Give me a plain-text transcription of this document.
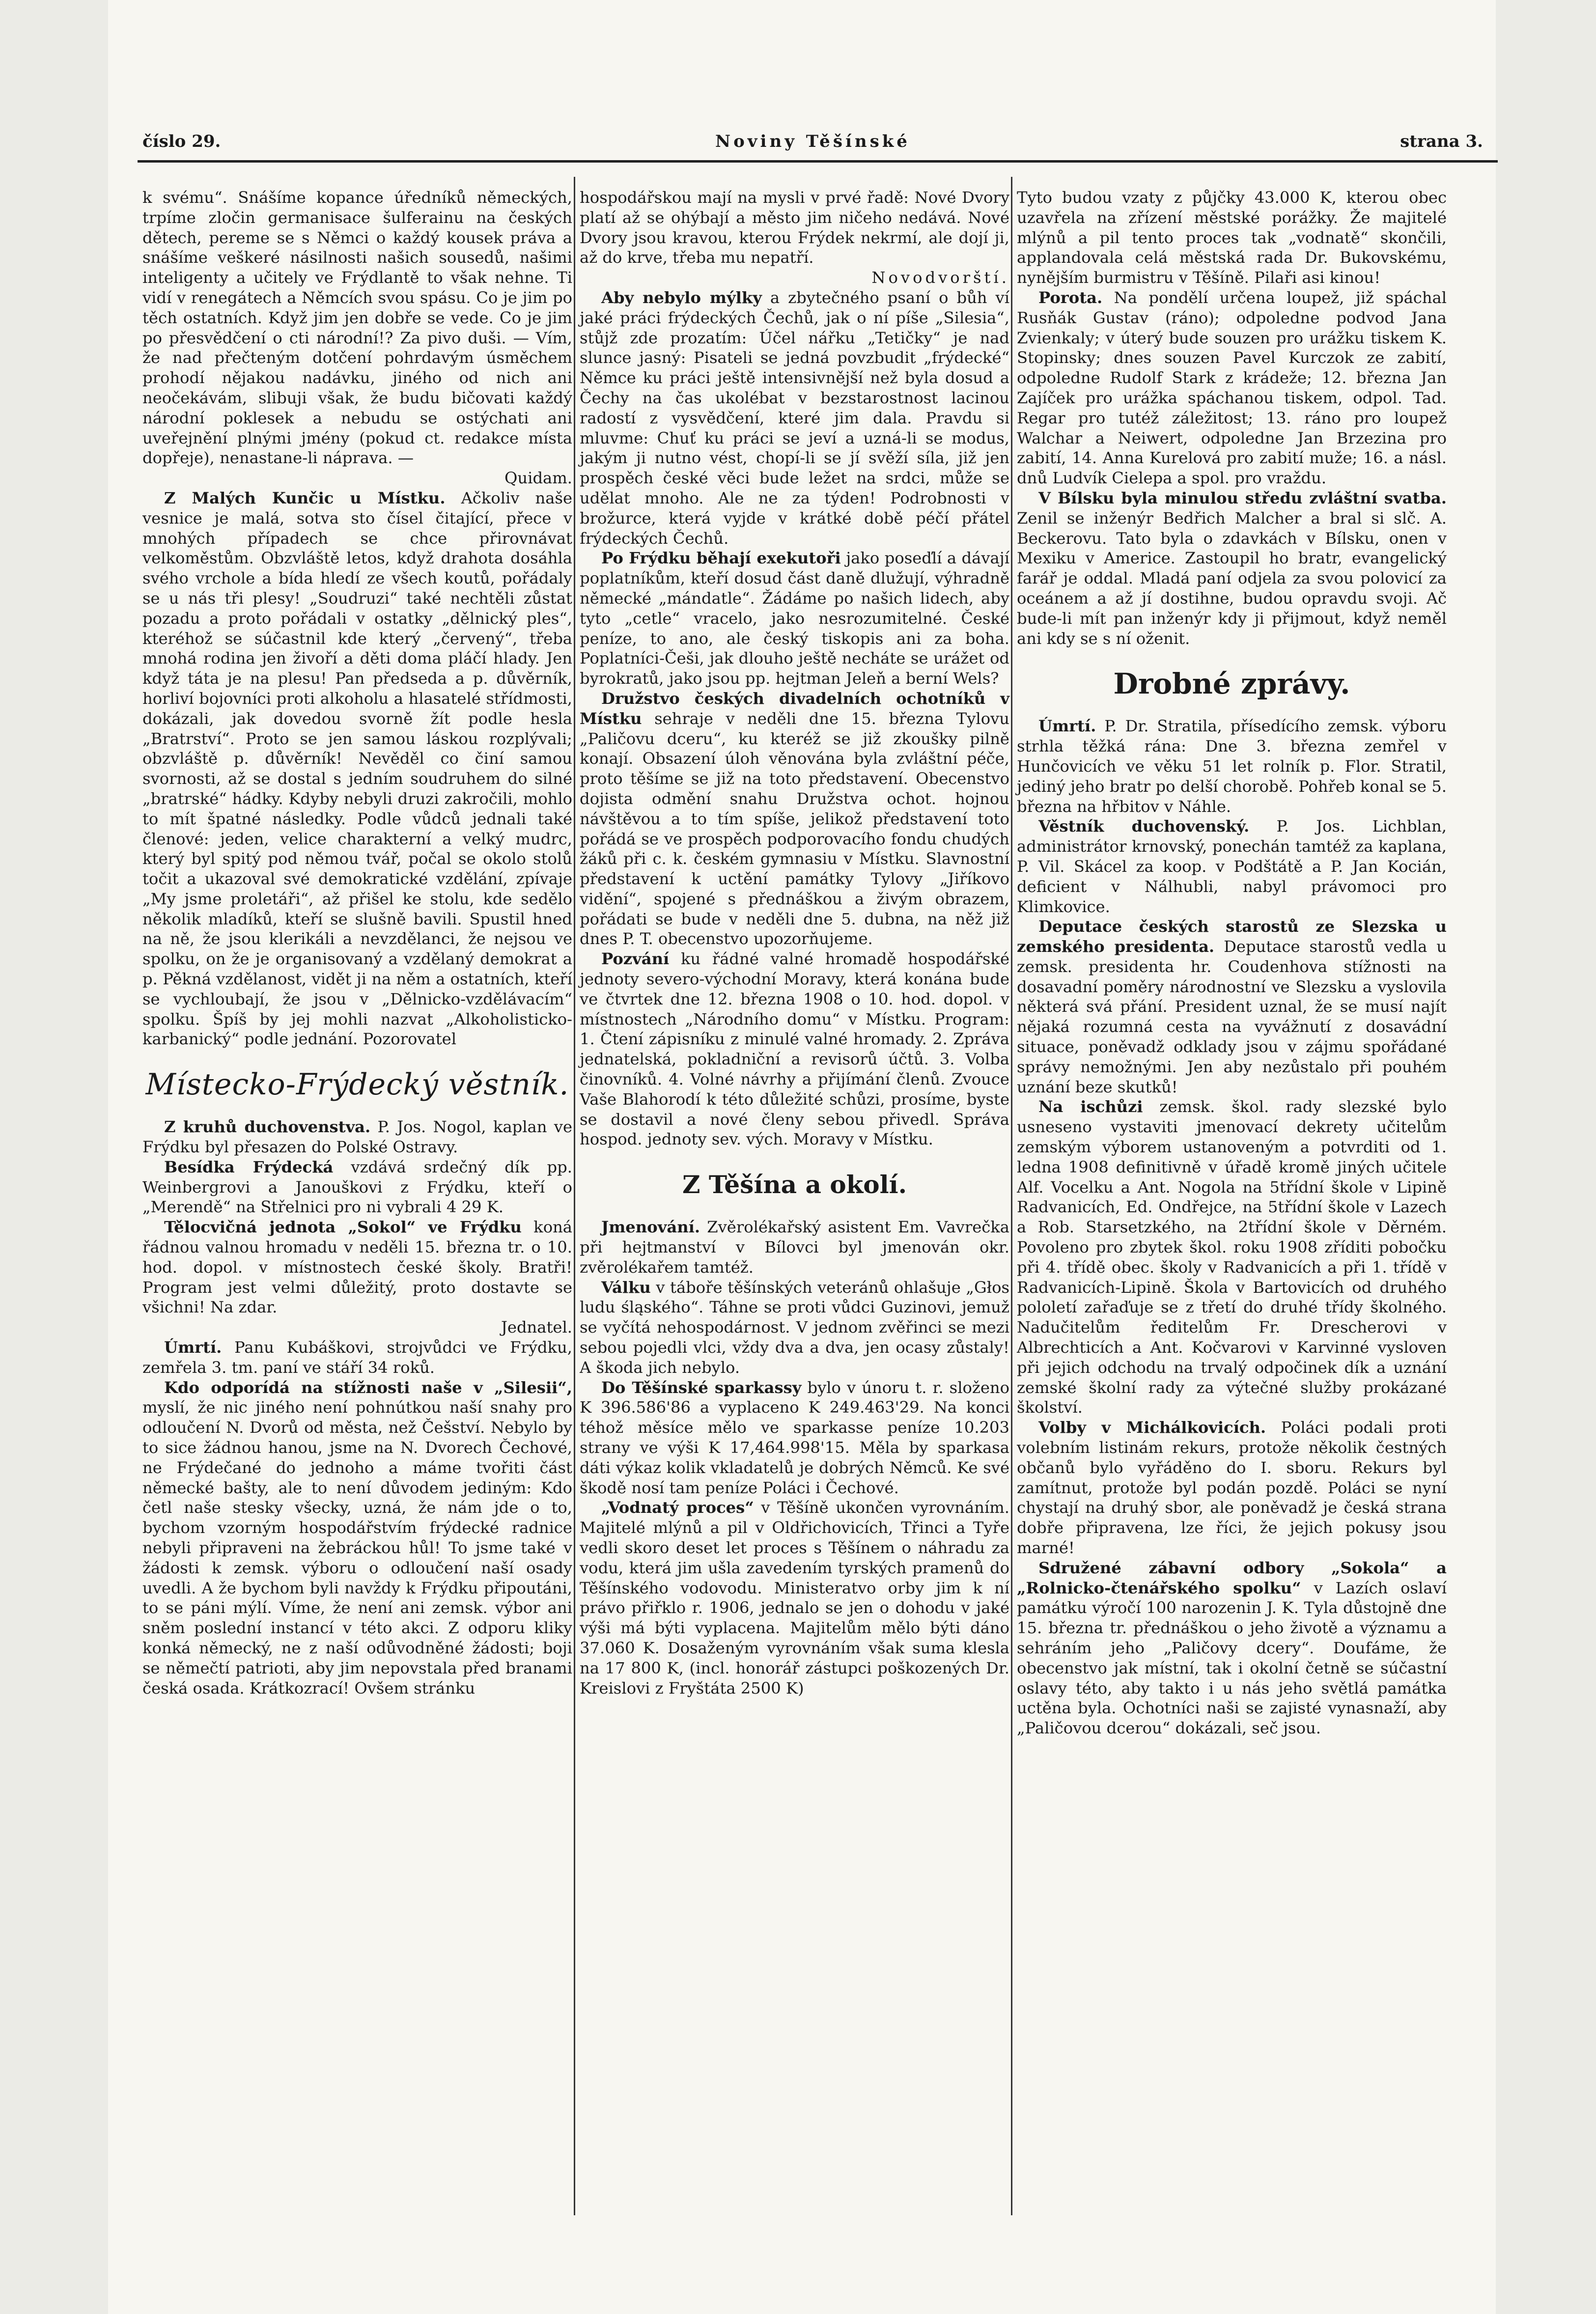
číslo 29.	Noviny Těšínské	strana 3.

k svému“. Snášíme kopance úředníků německých, trpíme zločin germanisace šulferainu na českých dětech, pereme se s Němci o každý kousek práva a snášíme veškeré násilnosti našich sousedů, našimi inteligenty a učitely ve Frýdlantě to však nehne. Ti vidí v renegátech a Němcích svou spásu. Co je jim po těch ostatních. Když jim jen dobře se vede. Co je jim po přesvědčení o cti národní!? Za pivo duši. — Vím, že nad přečteným dotčení pohrdavým úsměchem prohodí nějakou nadávku, jiného od nich ani neočekávám, slibuji však, že budu bičovati každý národní poklesek a nebudu se ostýchati ani uveřejnění plnými jmény (pokud ct. redakce místa dopřeje), nenastane-li náprava. —

Quidam.

Z Malých Kunčic u Místku. Ačkoliv naše vesnice je malá, sotva sto čísel čitající, přece v mnohých případech se chce přirovnávat velkoměstům. Obzvláště letos, když drahota dosáhla svého vrchole a bída hledí ze všech koutů, pořádaly se u nás tři plesy! „Soudruzi“ také nechtěli zůstat pozadu a proto pořádali v ostatky „dělnický ples“, kteréhož se súčastnil kde který „červený“, třeba mnohá rodina jen živoří a děti doma pláčí hlady. Jen když táta je na plesu! Pan předseda a p. důvěrník, horliví bojovníci proti alkoholu a hlasatelé střídmosti, dokázali, jak dovedou svorně žít podle hesla „Bratrství“. Proto se jen samou láskou rozplývali; obzvláště p. důvěrník! Nevěděl co činí samou svornosti, až se dostal s jedním soudruhem do silné „bratrské“ hádky. Kdyby nebyli druzi zakročili, mohlo to mít špatné následky. Podle vůdců jednali také členové: jeden, velice charakterní a velký mudrc, který byl spitý pod němou tvář, počal se okolo stolů točit a ukazoval své demokratické vzdělání, zpívaje „My jsme proletáři“, až přišel ke stolu, kde sedělo několik mladíků, kteří se slušně bavili. Spustil hned na ně, že jsou klerikáli a nevzdělanci, že nejsou ve spolku, on že je organisovaný a vzdělaný demokrat a p. Pěkná vzdělanost, vidět ji na něm a ostatních, kteří se vychloubají, že jsou v „Dělnicko-vzdělávacím“ spolku. Špíš by jej mohli nazvat „Alkoholisticko-karbanický“ podle jednání. Pozorovatel

Místecko-Frýdecký věstník.

Z kruhů duchovenstva. P. Jos. Nogol, kaplan ve Frýdku byl přesazen do Polské Ostravy.

Besídka Frýdecká vzdává srdečný dík pp. Weinbergrovi a Janouškovi z Frýdku, kteří o „Merendě“ na Střelnici pro ni vybrali 4 29 K.

Tělocvičná jednota „Sokol“ ve Frýdku koná řádnou valnou hromadu v neděli 15. března tr. o 10. hod. dopol. v místnostech české školy. Bratři! Program jest velmi důležitý, proto dostavte se všichni! Na zdar.

Jednatel.

Úmrtí. Panu Kubáškovi, strojvůdci ve Frýdku, zemřela 3. tm. paní ve stáří 34 roků.

Kdo odporídá na stížnosti naše v „Silesii“, myslí, že nic jiného není pohnútkou naší snahy pro odloučení N. Dvorů od města, než Češství. Nebylo by to sice žádnou hanou, jsme na N. Dvorech Čechové, ne Frýdečané do jednoho a máme tvořiti část německé bašty, ale to není důvodem jediným: Kdo četl naše stesky všecky, uzná, že nám jde o to, bychom vzorným hospodářstvím frýdecké radnice nebyli připraveni na žebráckou hůl! To jsme také v žádosti k zemsk. výboru o odloučení naší osady uvedli. A že bychom byli navždy k Frýdku připoutáni, to se páni mýlí. Víme, že není ani zemsk. výbor ani sněm poslední instancí v této akci. Z odporu kliky konká německý, ne z naší odůvodněné žádosti; boji se němečtí patrioti, aby jim nepovstala před branami česká osada. Krátkozrací! Ovšem stránku

hospodářskou mají na mysli v prvé řadě: Nové Dvory platí až se ohýbají a město jim ničeho nedává. Nové Dvory jsou kravou, kterou Frýdek nekrmí, ale dojí ji, až do krve, třeba mu nepatří.

Novodvorští.

Aby nebylo mýlky a zbytečného psaní o bůh ví jaké práci frýdeckých Čechů, jak o ní píše „Silesia“, stůjž zde prozatím: Účel nářku „Tetičky“ je nad slunce jasný: Pisateli se jedná povzbudit „frýdecké“ Němce ku práci ještě intensivnější než byla dosud a Čechy na čas ukolébat v bezstarostnost lacinou radostí z vysvědčení, které jim dala. Pravdu si mluvme: Chuť ku práci se jeví a uzná-li se modus, jakým ji nutno vést, chopí-li se jí svěží síla, již jen prospěch české věci bude ležet na srdci, může se udělat mnoho. Ale ne za týden! Podrobnosti v brožurce, která vyjde v krátké době péčí přátel frýdeckých Čechů.

Po Frýdku běhají exekutoři jako poseďlí a dávají poplatníkům, kteří dosud část daně dlužují, výhradně německé „mándatle“. Žádáme po našich lidech, aby tyto „cetle“ vracelo, jako nesrozumitelné. České peníze, to ano, ale český tiskopis ani za boha. Poplatníci-Češi, jak dlouho ještě necháte se urážet od byrokratů, jako jsou pp. hejtman Jeleň a berní Wels?

Družstvo českých divadelních ochotníků v Místku sehraje v neděli dne 15. března Tylovu „Paličovu dceru“, ku kteréž se již zkoušky pilně konají. Obsazení úloh věnována byla zvláštní péče, proto těšíme se již na toto představení. Obecenstvo dojista odmění snahu Družstva ochot. hojnou návštěvou a to tím spíše, jelikož představení toto pořádá se ve prospěch podporovacího fondu chudých žáků při c. k. českém gymnasiu v Místku. Slavnostní představení k uctění památky Tylovy „Jiříkovo vidění“, spojené s přednáškou a živým obrazem, pořádati se bude v neděli dne 5. dubna, na něž již dnes P. T. obecenstvo upozorňujeme.

Pozvání ku řádné valné hromadě hospodářské jednoty severo-východní Moravy, která konána bude ve čtvrtek dne 12. března 1908 o 10. hod. dopol. v místnostech „Národního domu“ v Místku. Program: 1. Čtení zápisníku z minulé valné hromady. 2. Zpráva jednatelská, pokladniční a revisorů účtů. 3. Volba činovníků. 4. Volné návrhy a přijímání členů. Zvouce Vaše Blahorodí k této důležité schůzi, prosíme, byste se dostavil a nové členy sebou přivedl. Správa hospod. jednoty sev. vých. Moravy v Místku.

Z Těšína a okolí.

Jmenování. Zvěrolékařský asistent Em. Vavrečka při hejtmanství v Bílovci byl jmenován okr. zvěrolékařem tamtéž.

Válku v táboře těšínských veteránů ohlašuje „Głos ludu śląského“. Táhne se proti vůdci Guzinovi, jemuž se vyčítá nehospodárnost. V jednom zvěřinci se mezi sebou pojedli vlci, vždy dva a dva, jen ocasy zůstaly! A škoda jich nebylo.

Do Těšínské sparkassy bylo v únoru t. r. složeno K 396.586'86 a vyplaceno K 249.463'29. Na konci téhož měsíce mělo ve sparkasse peníze 10.203 strany ve výši K 17,464.998'15. Měla by sparkasa dáti výkaz kolik vkladatelů je dobrých Němců. Ke své škodě nosí tam peníze Poláci i Čechové.

„Vodnatý proces“ v Těšíně ukončen vyrovnáním. Majitelé mlýnů a pil v Oldřichovicích, Třinci a Tyře vedli skoro deset let proces s Těšínem o náhradu za vodu, která jim ušla zavedením tyrských pramenů do Těšínského vodovodu. Ministeratvo orby jim k ní právo přiřklo r. 1906, jednalo se jen o dohodu v jaké výši má býti vyplacena. Majitelům mělo býti dáno 37.060 K. Dosaženým vyrovnáním však suma klesla na 17 800 K, (incl. honorář zástupci poškozených Dr. Kreislovi z Fryštáta 2500 K)

Tyto budou vzaty z půjčky 43.000 K, kterou obec uzavřela na zřízení městské porážky. Že majitelé mlýnů a pil tento proces tak „vodnatě“ skončili, applandovala celá městská rada Dr. Bukovskému, nynějším burmistru v Těšíně. Pilaři asi kinou!

Porota. Na pondělí určena loupež, již spáchal Rusňák Gustav (ráno); odpoledne podvod Jana Zvienkaly; v úterý bude souzen pro urážku tiskem K. Stopinsky; dnes souzen Pavel Kurczok ze zabití, odpoledne Rudolf Stark z krádeže; 12. března Jan Zajíček pro urážka spáchanou tiskem, odpol. Tad. Regar pro tutéž záležitost; 13. ráno pro loupež Walchar a Neiwert, odpoledne Jan Brzezina pro zabití, 14. Anna Kurelová pro zabití muže; 16. a násl. dnů Ludvík Cielepa a spol. pro vraždu.

V Bílsku byla minulou středu zvláštní svatba. Zenil se inženýr Bedřich Malcher a bral si slč. A. Beckerovu. Tato byla o zdavkách v Bílsku, onen v Mexiku v Americe. Zastoupil ho bratr, evangelický farář je oddal. Mladá paní odjela za svou polovicí za oceánem a až jí dostihne, budou opravdu svoji. Ač bude-li mít pan inženýr kdy ji přijmout, když neměl ani kdy se s ní oženit.

Drobné zprávy.

Úmrtí. P. Dr. Stratila, přísedícího zemsk. výboru strhla těžká rána: Dne 3. března zemřel v Hunčovicích ve věku 51 let rolník p. Flor. Stratil, jediný jeho bratr po delší chorobě. Pohřeb konal se 5. března na hřbitov v Náhle.

Věstník duchovenský. P. Jos. Lichblan, administrátor krnovský, ponechán tamtéž za kaplana, P. Vil. Skácel za koop. v Podštátě a P. Jan Kocián, deficient v Nálhubli, nabyl právomoci pro Klimkovice.

Deputace českých starostů ze Slezska u zemského presidenta. Deputace starostů vedla u zemsk. presidenta hr. Coudenhova stížnosti na dosavadní poměry národnostní ve Slezsku a vyslovila některá svá přání. President uznal, že se musí najít nějaká rozumná cesta na vyvážnutí z dosavádní situace, poněvadž odklady jsou v zájmu spořádané správy nemožnými. Jen aby nezůstalo při pouhém uznání beze skutků!

Na ischůzi zemsk. škol. rady slezské bylo usneseno vystaviti jmenovací dekrety učitelům zemským výborem ustanoveným a potvrditi od 1. ledna 1908 definitivně v úřadě kromě jiných učitele Alf. Vocelku a Ant. Nogola na 5třídní škole v Lipině Radvanicích, Ed. Ondřejce, na 5třídní škole v Lazech a Rob. Starsetzkého, na 2třídní škole v Děrném. Povoleno pro zbytek škol. roku 1908 zříditi pobočku při 4. třídě obec. školy v Radvanicích a při 1. třídě v Radvanicích-Lipině. Škola v Bartovicích od druhého pololetí zařaďuje se z třetí do druhé třídy školného. Nadučitelům ředitelům Fr. Drescherovi v Albrechticích a Ant. Kočvarovi v Karvinné vysloven při jejich odchodu na trvalý odpočinek dík a uznání zemské školní rady za výtečné služby prokázané školství.

Volby v Michálkovicích. Poláci podali proti volebním listinám rekurs, protože několik čestných občanů bylo vyřáděno do I. sboru. Rekurs byl zamítnut, protože byl podán pozdě. Poláci se nyní chystají na druhý sbor, ale poněvadž je česká strana dobře připravena, lze říci, že jejich pokusy jsou marné!

Sdružené zábavní odbory „Sokola“ a „Rolnicko-čtenářského spolku“ v Lazích oslaví památku výročí 100 narozenin J. K. Tyla důstojně dne 15. března tr. přednáškou o jeho životě a významu a sehráním jeho „Paličovy dcery“. Doufáme, že obecenstvo jak místní, tak i okolní četně se súčastní oslavy této, aby takto i u nás jeho světlá památka uctěna byla. Ochotníci naši se zajisté vynasnaží, aby „Paličovou dcerou“ dokázali, seč jsou.
